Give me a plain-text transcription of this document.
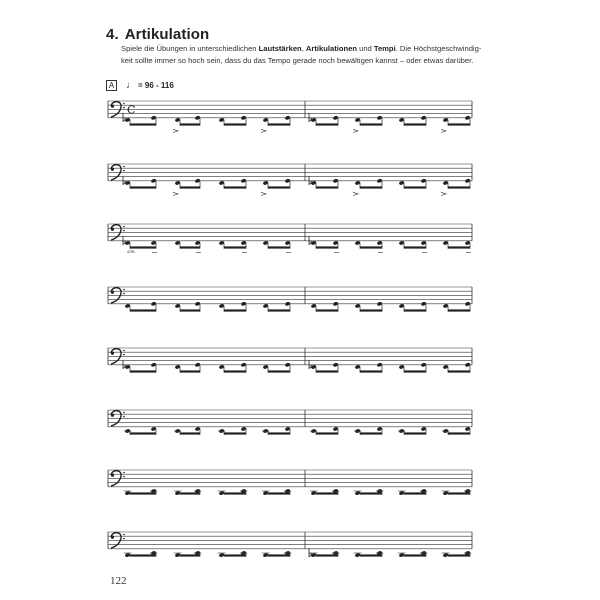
4. Artikulation
Spiele die Übungen in unterschiedlichen Lautstärken, Artikulationen und Tempi. Die Höchstgeschwindig-keit sollte immer so hoch sein, dass du das Tempo gerade noch bewältigen kannst – oder etwas darüber.
A ♩ = 96 - 116
sim.
C
122
